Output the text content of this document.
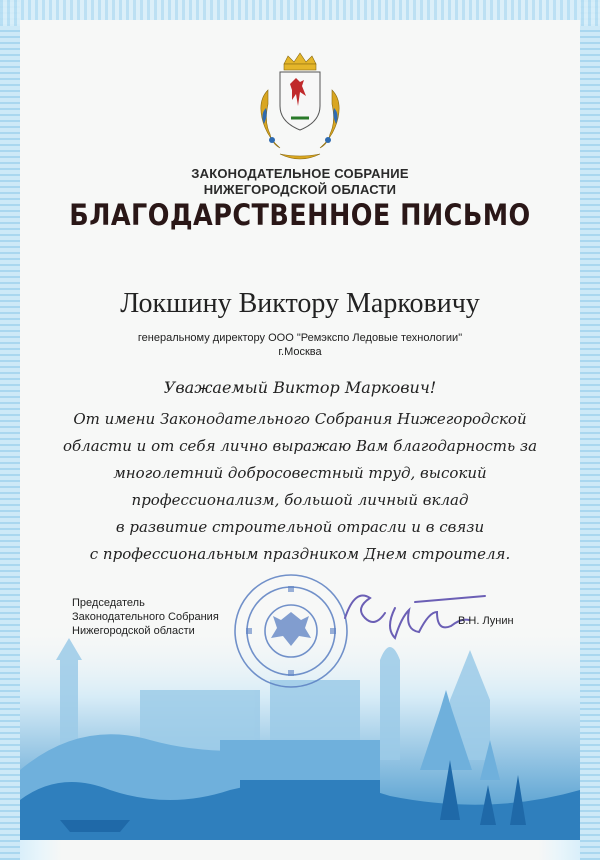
ЗАКОНОДАТЕЛЬНОЕ СОБРАНИЕ
НИЖЕГОРОДСКОЙ ОБЛАСТИ
БЛАГОДАРСТВЕННОЕ ПИСЬМО
Локшину Виктору Марковичу
генеральному директору ООО "Ремэкспо Ледовые технологии"
г.Москва
Уважаемый Виктор Маркович!
От имени Законодательного Собрания Нижегородской
области и от себя лично выражаю Вам благодарность за
многолетний добросовестный труд, высокий
профессионализм, большой личный вклад
в развитие строительной отрасли и в связи
с профессиональным праздником Днем строителя.
Председатель
Законодательного Собрания
Нижегородской области
В.Н. Лунин
